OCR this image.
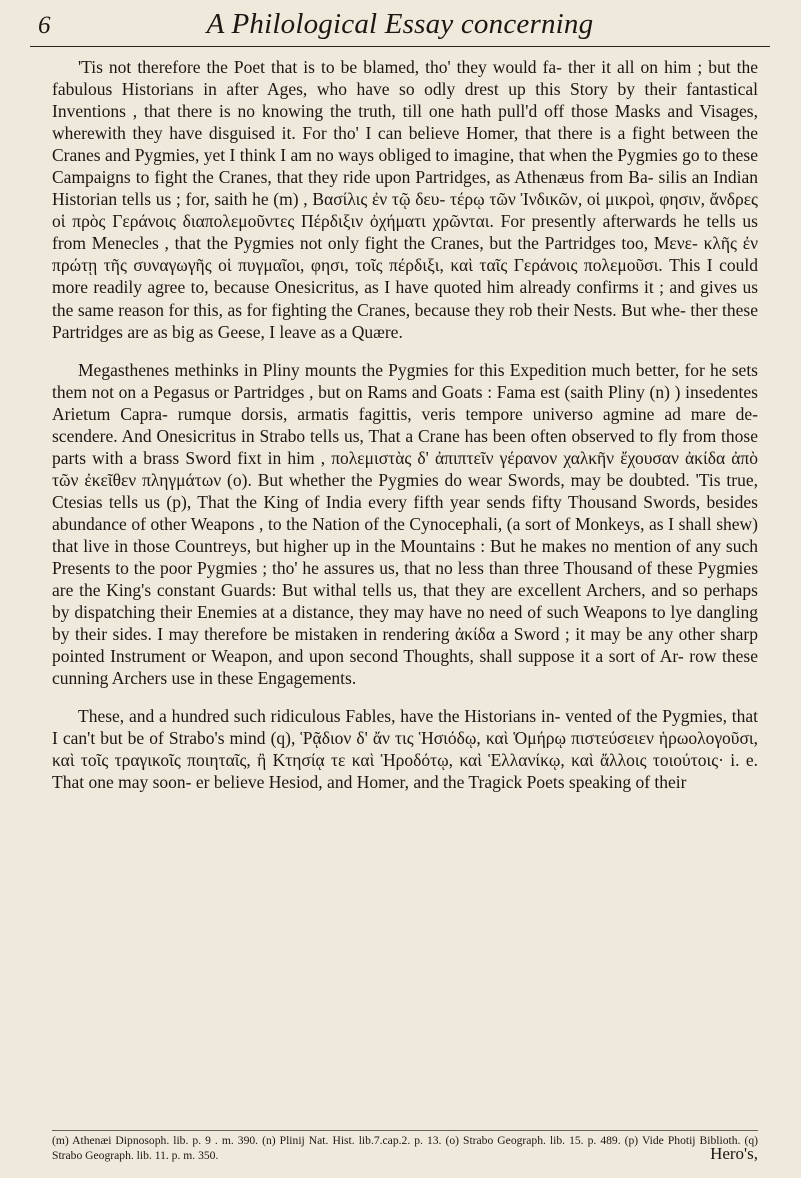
6	A Philological Essay concerning

'Tis not therefore the Poet that is to be blamed, tho' they would fa- ther it all on him ; but the fabulous Historians in after Ages, who have so odly drest up this Story by their fantastical Inventions , that there is no knowing the truth, till one hath pull'd off those Masks and Visages, wherewith they have disguised it. For tho' I can believe Homer, that there is a fight between the Cranes and Pygmies, yet I think I am no ways obliged to imagine, that when the Pygmies go to these Campaigns to fight the Cranes, that they ride upon Partridges, as Athenæus from Ba- silis an Indian Historian tells us ; for, saith he (m) , Βασίλις ἐν τῷ δευ- τέρῳ τῶν Ἰνδικῶν, οἱ μικροὶ, φησιν, ἄνδρες οἱ πρὸς Γεράνοις διαπολεμοῦντες Πέρδιξιν ὀχήματι χρῶνται. For presently afterwards he tells us from Menecles , that the Pygmies not only fight the Cranes, but the Partridges too, Μενε- κλῆς ἐν πρώτῃ τῆς συναγωγῆς οἱ πυγμαῖοι, φησι, τοῖς πέρδιξι, καὶ ταῖς Γεράνοις πολεμοῦσι. This I could more readily agree to, because Onesicritus, as I have quoted him already confirms it ; and gives us the same reason for this, as for fighting the Cranes, because they rob their Nests. But whe- ther these Partridges are as big as Geese, I leave as a Quære.

Megasthenes methinks in Pliny mounts the Pygmies for this Expedition much better, for he sets them not on a Pegasus or Partridges , but on Rams and Goats : Fama est (saith Pliny (n) ) insedentes Arietum Capra- rumque dorsis, armatis fagittis, veris tempore universo agmine ad mare de- scendere. And Onesicritus in Strabo tells us, That a Crane has been often observed to fly from those parts with a brass Sword fixt in him , πολεμιστὰς δ' ἀπιπτεῖν γέρανον χαλκῆν ἔχουσαν ἀκίδα ἀπὸ τῶν ἐκεῖθεν πληγμάτων (o). But whether the Pygmies do wear Swords, may be doubted. 'Tis true, Ctesias tells us (p), That the King of India every fifth year sends fifty Thousand Swords, besides abundance of other Weapons , to the Nation of the Cynocephali, (a sort of Monkeys, as I shall shew) that live in those Countreys, but higher up in the Mountains : But he makes no mention of any such Presents to the poor Pygmies ; tho' he assures us, that no less than three Thousand of these Pygmies are the King's constant Guards: But withal tells us, that they are excellent Archers, and so perhaps by dispatching their Enemies at a distance, they may have no need of such Weapons to lye dangling by their sides. I may therefore be mistaken in rendering ἀκίδα a Sword ; it may be any other sharp pointed Instrument or Weapon, and upon second Thoughts, shall suppose it a sort of Ar- row these cunning Archers use in these Engagements.

These, and a hundred such ridiculous Fables, have the Historians in- vented of the Pygmies, that I can't but be of Strabo's mind (q), Ῥᾷδιον δ' ἄν τις Ἡσιόδῳ, καὶ Ὁμήρῳ πιστεύσειεν ἡρωολογοῦσι, καὶ τοῖς τραγικοῖς ποιηταῖς, ἢ Κτησίᾳ τε καὶ Ἡροδότῳ, καὶ Ἑλλανίκῳ, καὶ ἄλλοις τοιούτοις· i. e. That one may soon- er believe Hesiod, and Homer, and the Tragick Poets speaking of their

(m) Athenæi Dipnosoph. lib. p. 9 . m. 390. (n) Plinij Nat. Hist. lib.7.cap.2. p. 13. (o) Strabo Geograph. lib. 15. p. 489. (p) Vide Photij Biblioth. (q) Strabo Geograph. lib. 11. p. m. 350.	Hero's,
